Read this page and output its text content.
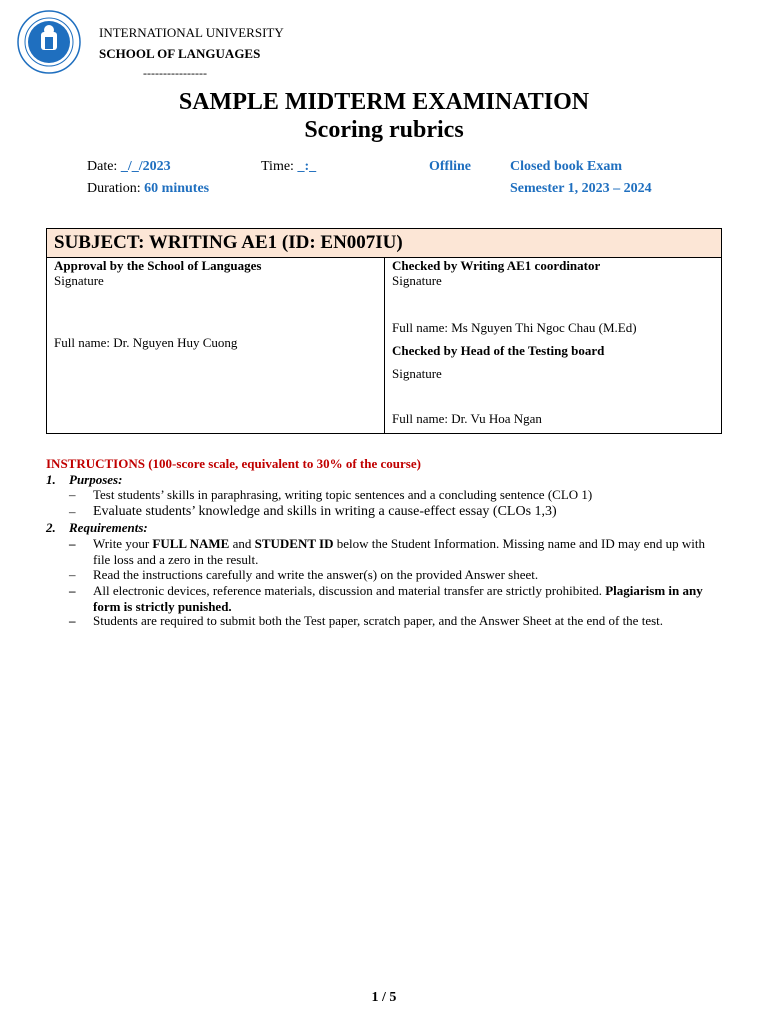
INTERNATIONAL UNIVERSITY
SCHOOL OF LANGUAGES
----------------
SAMPLE MIDTERM EXAMINATION
Scoring rubrics
Date: _/_/2023	Time: _:_	Offline	Closed book Exam
Duration: 60 minutes	Semester 1, 2023 – 2024
SUBJECT: WRITING AE1 (ID: EN007IU)

Approval by the School of Languages
Signature
Full name: Dr. Nguyen Huy Cuong

Checked by Writing AE1 coordinator
Signature
Full name: Ms Nguyen Thi Ngoc Chau (M.Ed)
Checked by Head of the Testing board
Signature
Full name: Dr. Vu Hoa Ngan
INSTRUCTIONS (100-score scale, equivalent to 30% of the course)
1. Purposes:
– Test students’ skills in paraphrasing, writing topic sentences and a concluding sentence (CLO 1)
– Evaluate students’ knowledge and skills in writing a cause-effect essay (CLOs 1,3)
2. Requirements:
– Write your FULL NAME and STUDENT ID below the Student Information. Missing name and ID may end up with file loss and a zero in the result.
– Read the instructions carefully and write the answer(s) on the provided Answer sheet.
– All electronic devices, reference materials, discussion and material transfer are strictly prohibited. Plagiarism in any form is strictly punished.
– Students are required to submit both the Test paper, scratch paper, and the Answer Sheet at the end of the test.
1 / 5
